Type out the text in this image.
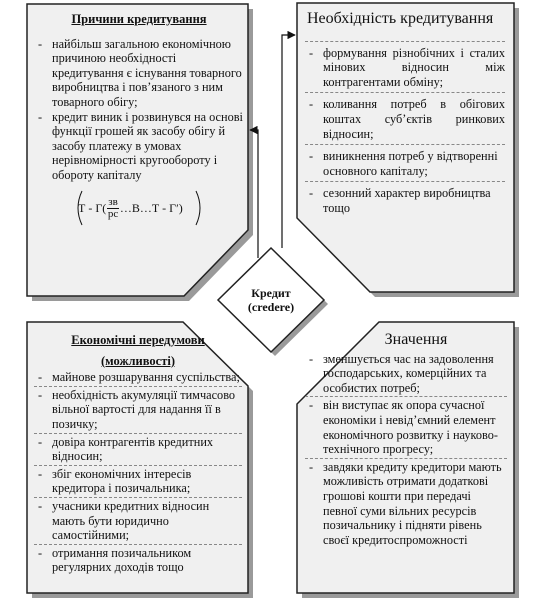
Причини кредитування
- найбільш загальною економічною причиною необхідності кредитування є існування товарного виробництва і пов’язаного з ним товарного обігу;
- кредит виник і розвинувся на основі функції грошей як засобу обігу й засобу платежу в умовах нерівномірності кругообороту і обороту капіталу
Т - $Г( \frac{зв}{рс}$ …В…Т - Г′)
Необхідність кредитування
- формування різнобічних і сталих мінових відносин між контрагентами обміну;
- коливання потреб в обігових коштах суб’єктів ринкових відносин;
- виникнення потреб у відтворенні основного капіталу;
- сезонний характер виробництва тощо
Кредит
(credere)
Економічні передумови
(можливості)
- майнове розшарування суспільства;
- необхідність акумуляції тимчасово вільної вартості для надання її в позичку;
- довіра контрагентів кредитних відносин;
- збіг економічних інтересів кредитора і позичальника;
- учасники кредитних відносин мають бути юридично самостійними;
- отримання позичальником регулярних доходів тощо
Значення
- зменшується час на задоволення господарських, комерційних та особистих потреб;
- він виступає як опора сучасної економіки і невід’ємний елемент економічного розвитку і науково-технічного прогресу;
- завдяки кредиту кредитори мають можливість отримати додаткові грошові кошти при передачі певної суми вільних ресурсів позичальнику і підняти рівень своєї кредитоспроможності
